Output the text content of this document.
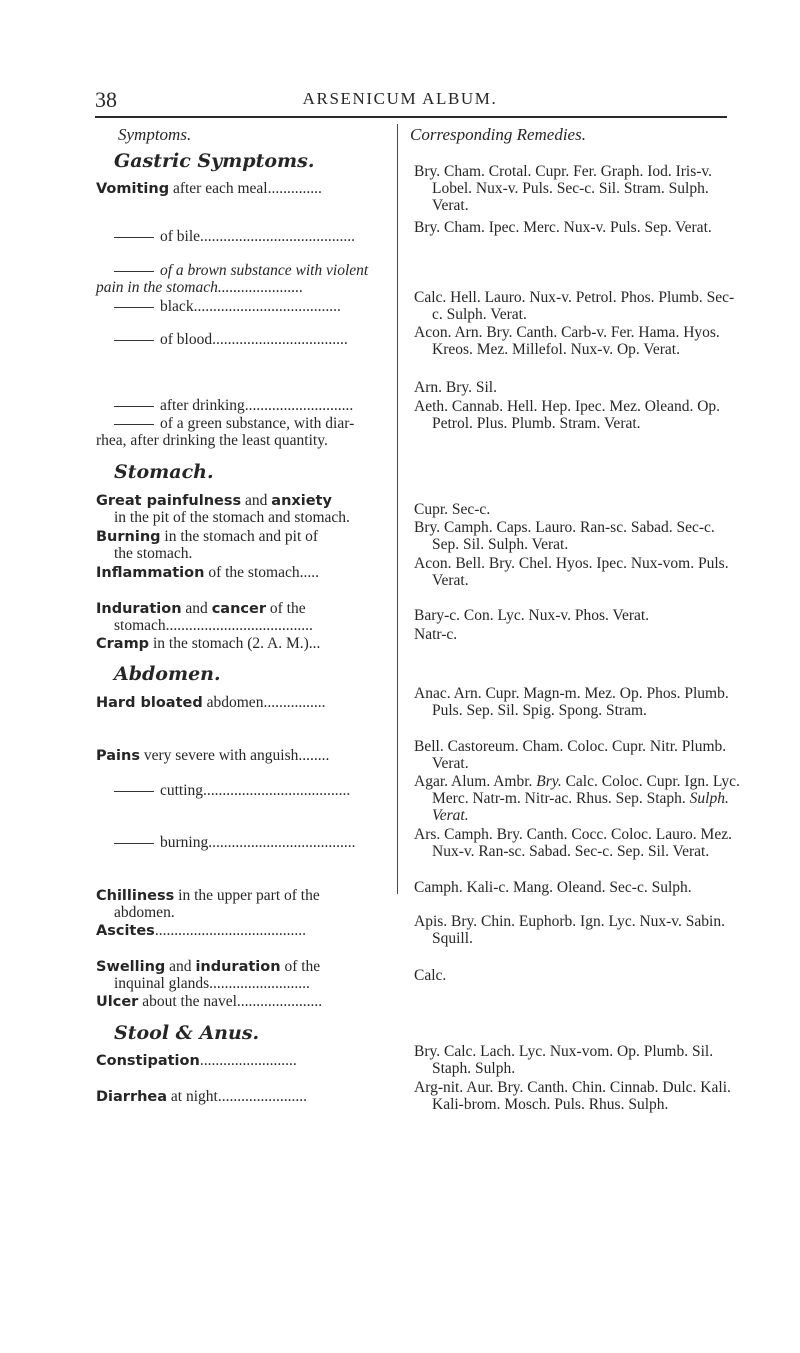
38	ARSENICUM ALBUM.
Symptoms.	Corresponding Remedies.
Gastric Symptoms.
Vomiting after each meal..............
of bile........................................
of a brown substance with violent
pain in the stomach......................
black......................................
of blood...................................
after drinking............................
of a green substance, with diar-
rhea, after drinking the least quantity.
Stomach.
Great painfulness and anxiety
in the pit of the stomach and stomach.
Burning in the stomach and pit of
the stomach.
Inflammation of the stomach.....
Induration and cancer of the
stomach......................................
Cramp in the stomach (2. A. M.)...
Abdomen.
Hard bloated abdomen................
Pains very severe with anguish........
cutting......................................
burning......................................
Chilliness in the upper part of the
abdomen.
Ascites.......................................
Swelling and induration of the
inquinal glands..........................
Ulcer about the navel......................
Stool & Anus.
Constipation.........................
Diarrhea at night.......................
Bry. Cham. Crotal. Cupr. Fer. Graph. Iod. Iris-v. Lobel. Nux-v. Puls. Sec-c. Sil. Stram. Sulph. Verat.
Bry. Cham. Ipec. Merc. Nux-v. Puls. Sep. Verat.
Calc. Hell. Lauro. Nux-v. Petrol. Phos. Plumb. Sec-c. Sulph. Verat.
Acon. Arn. Bry. Canth. Carb-v. Fer. Hama. Hyos. Kreos. Mez. Millefol. Nux-v. Op. Verat.
Arn. Bry. Sil.
Aeth. Cannab. Hell. Hep. Ipec. Mez. Oleand. Op. Petrol. Plus. Plumb. Stram. Verat.
Cupr. Sec-c.
Bry. Camph. Caps. Lauro. Ran-sc. Sabad. Sec-c. Sep. Sil. Sulph. Verat.
Acon. Bell. Bry. Chel. Hyos. Ipec. Nux-vom. Puls. Verat.
Bary-c. Con. Lyc. Nux-v. Phos. Verat.
Natr-c.
Anac. Arn. Cupr. Magn-m. Mez. Op. Phos. Plumb. Puls. Sep. Sil. Spig. Spong. Stram.
Bell. Castoreum. Cham. Coloc. Cupr. Nitr. Plumb. Verat.
Agar. Alum. Ambr. Bry. Calc. Coloc. Cupr. Ign. Lyc. Merc. Natr-m. Nitr-ac. Rhus. Sep. Staph. Sulph. Verat.
Ars. Camph. Bry. Canth. Cocc. Coloc. Lauro. Mez. Nux-v. Ran-sc. Sabad. Sec-c. Sep. Sil. Verat.
Camph. Kali-c. Mang. Oleand. Sec-c. Sulph.
Apis. Bry. Chin. Euphorb. Ign. Lyc. Nux-v. Sabin. Squill.
Calc.
Bry. Calc. Lach. Lyc. Nux-vom. Op. Plumb. Sil. Staph. Sulph.
Arg-nit. Aur. Bry. Canth. Chin. Cinnab. Dulc. Kali. Kali-brom. Mosch. Puls. Rhus. Sulph.
